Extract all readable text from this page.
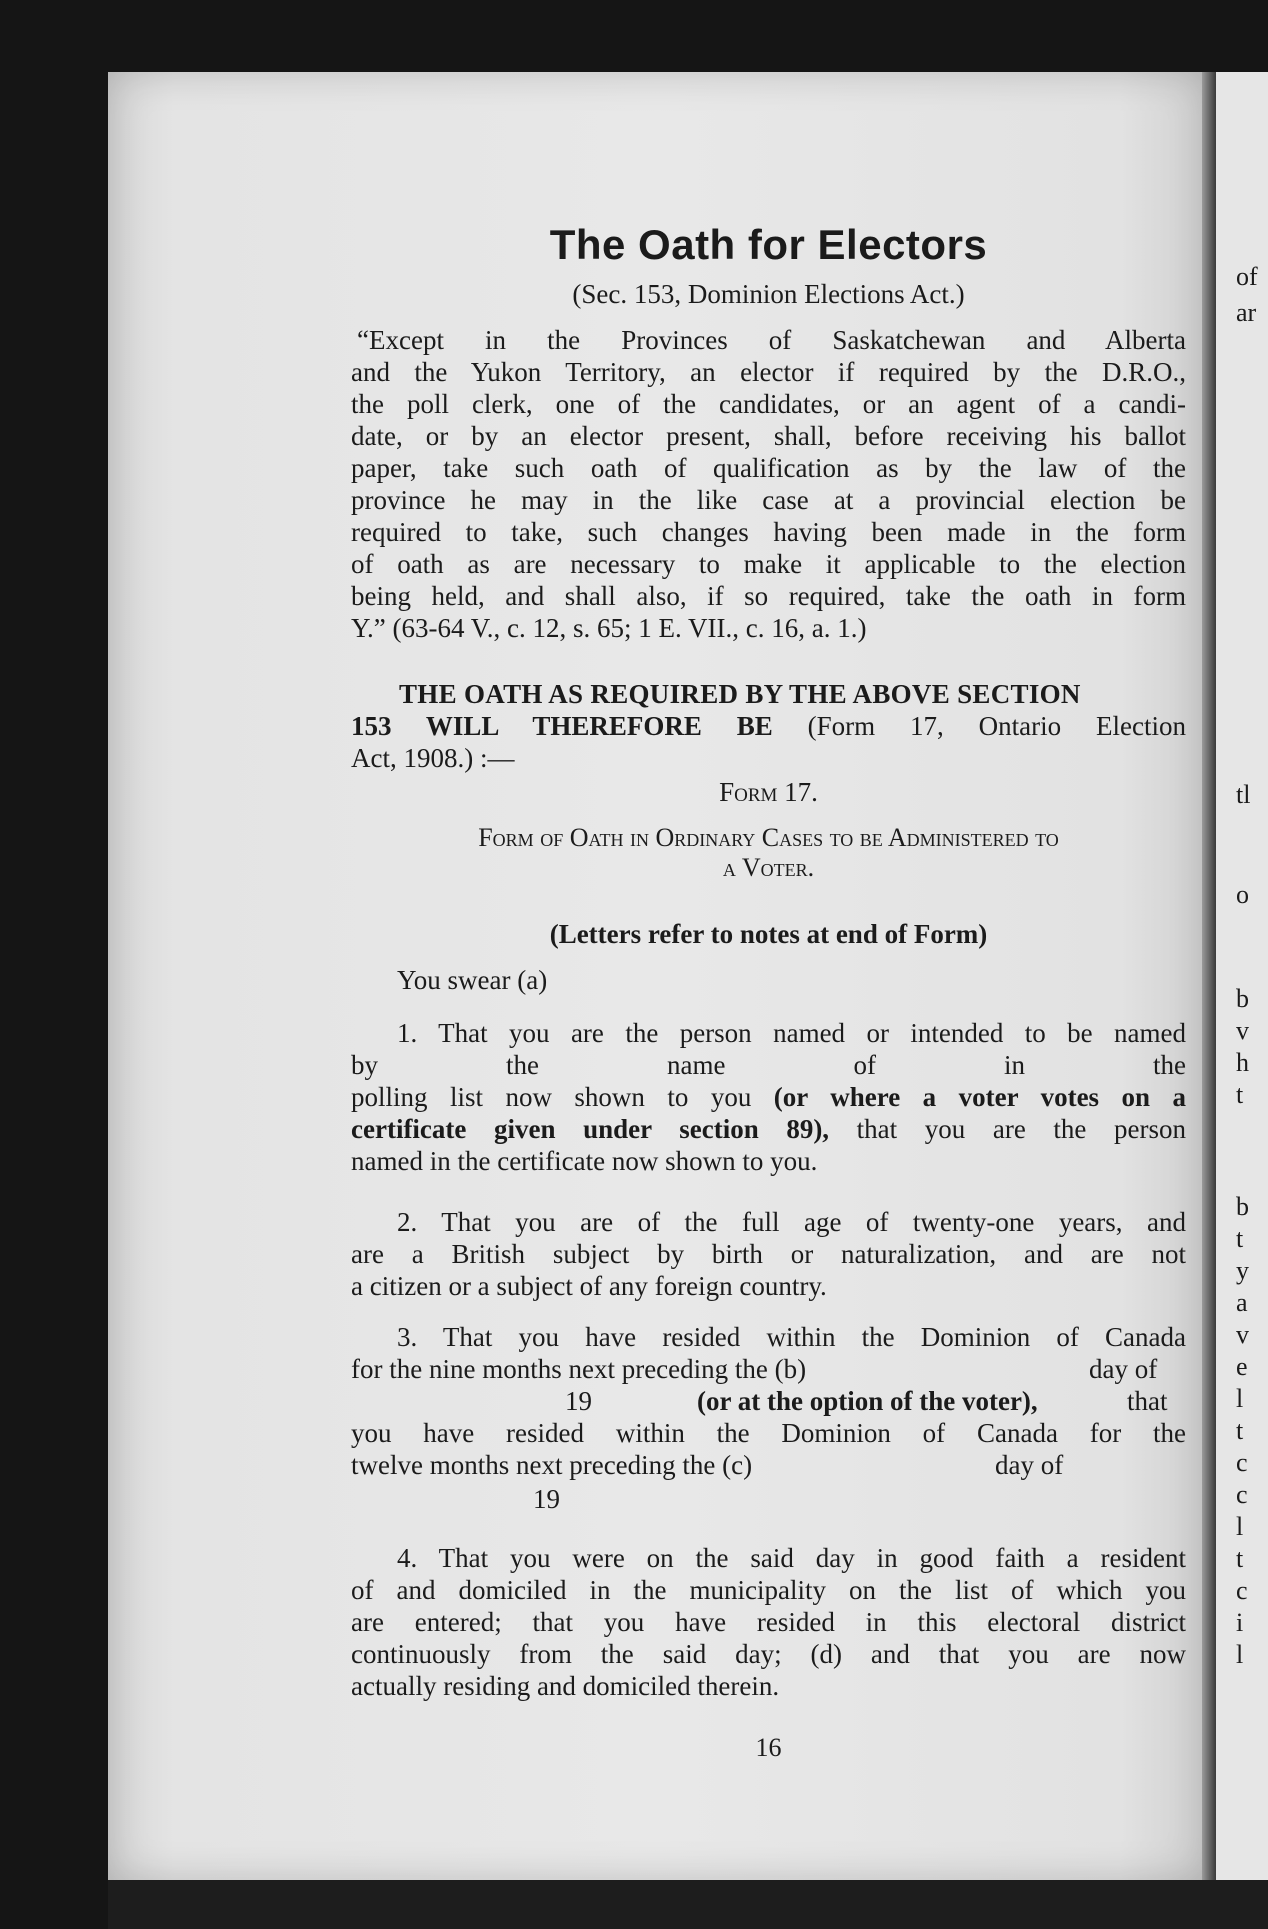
of
ar
tl
o
b
v
h
t
b
t
y
a
v
e
l
t
c
c
l
t
c
i
l
The Oath for Electors
(Sec. 153, Dominion Elections Act.)

“Except in the Provinces of Saskatchewan and Alberta

and the Yukon Territory, an elector if required by the D.R.O.,

the poll clerk, one of the candidates, or an agent of a candi-

date, or by an elector present, shall, before receiving his ballot

paper, take such oath of qualification as by the law of the

province he may in the like case at a provincial election be

required to take, such changes having been made in the form

of oath as are necessary to make it applicable to the election

being held, and shall also, if so required, take the oath in form

Y.” (63-64 V., c. 12, s. 65; 1 E. VII., c. 16, a. 1.)

THE OATH AS REQUIRED BY THE ABOVE SECTION

153 WILL THEREFORE BE (Form 17, Ontario Election

Act, 1908.) :—

Form 17.

Form of Oath in Ordinary Cases to be Administered to

a Voter.

(Letters refer to notes at end of Form)

You swear (a)

1. That you are the person named or intended to be named

by the name of	in the

polling list now shown to you (or where a voter votes on a

certificate given under section 89), that you are the person

named in the certificate now shown to you.

2. That you are of the full age of twenty-one years, and

are a British subject by birth or naturalization, and are not

a citizen or a subject of any foreign country.

3. That you have resided within the Dominion of Canada

for the nine months next preceding the (b)	day of

19	(or at the option of the voter),	that

you have resided within the Dominion of Canada for the

twelve months next preceding the (c)	day of

19

4. That you were on the said day in good faith a resident

of and domiciled in the municipality on the list of which you

are entered; that you have resided in this electoral district

continuously from the said day; (d) and that you are now

actually residing and domiciled therein.

16
